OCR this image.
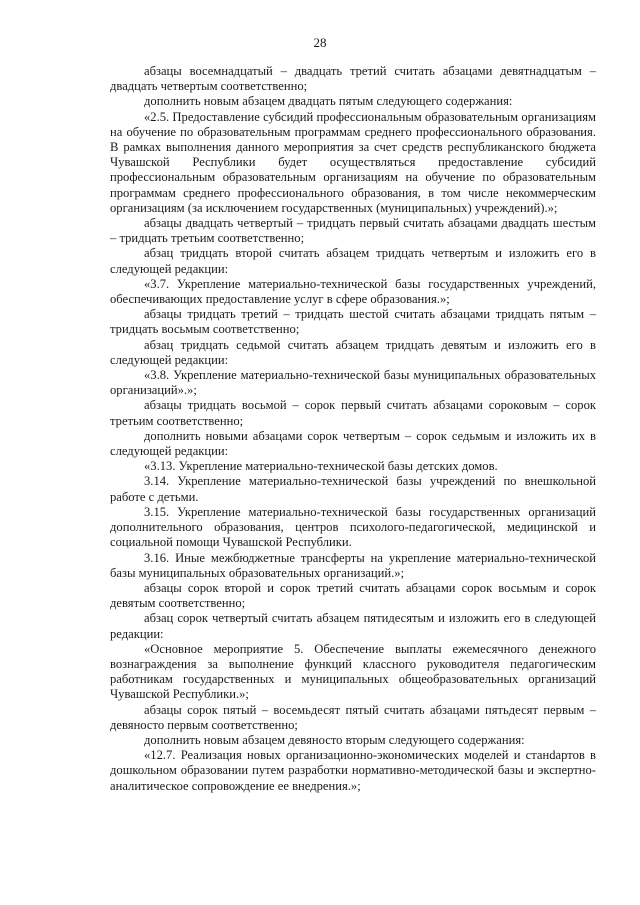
28

абзацы восемнадцатый – двадцать третий считать абзацами девятнадцатым – двадцать четвертым соответственно;

дополнить новым абзацем двадцать пятым следующего содержания:

«2.5. Предоставление субсидий профессиональным образовательным организациям на обучение по образовательным программам среднего профессионального образования. В рамках выполнения данного мероприятия за счет средств республиканского бюджета Чувашской Республики будет осуществляться предоставление субсидий профессиональным образовательным организациям на обучение по образовательным программам среднего профессионального образования, в том числе некоммерческим организациям (за исключением государственных (муниципальных) учреждений).»;

абзацы двадцать четвертый – тридцать первый считать абзацами двадцать шестым – тридцать третьим соответственно;

абзац тридцать второй считать абзацем тридцать четвертым и изложить его в следующей редакции:

«3.7. Укрепление материально-технической базы государственных учреждений, обеспечивающих предоставление услуг в сфере образования.»;

абзацы тридцать третий – тридцать шестой считать абзацами тридцать пятым – тридцать восьмым соответственно;

абзац тридцать седьмой считать абзацем тридцать девятым и изложить его в следующей редакции:

«3.8. Укрепление материально-технической базы муниципальных образовательных организаций».»;

абзацы тридцать восьмой – сорок первый считать абзацами сороковым – сорок третьим соответственно;

дополнить новыми абзацами сорок четвертым – сорок седьмым и изложить их в следующей редакции:

«3.13. Укрепление материально-технической базы детских домов.

3.14. Укрепление материально-технической базы учреждений по внешкольной работе с детьми.

3.15. Укрепление материально-технической базы государственных организаций дополнительного образования, центров психолого-педагогической, медицинской и социальной помощи Чувашской Республики.

3.16. Иные межбюджетные трансферты на укрепление материально-технической базы муниципальных образовательных организаций.»;

абзацы сорок второй и сорок третий считать абзацами сорок восьмым и сорок девятым соответственно;

абзац сорок четвертый считать абзацем пятидесятым и изложить его в следующей редакции:

«Основное мероприятие 5. Обеспечение выплаты ежемесячного денежного вознаграждения за выполнение функций классного руководителя педагогическим работникам государственных и муниципальных общеобразовательных организаций Чувашской Республики.»;

абзацы сорок пятый – восемьдесят пятый считать абзацами пятьдесят первым – девяносто первым соответственно;

дополнить новым абзацем девяносто вторым следующего содержания:

«12.7. Реализация новых организационно-экономических моделей и станdартов в дошкольном образовании путем разработки нормативно-методической базы и экспертно-аналитическое сопровождение ее внедрения.»;
